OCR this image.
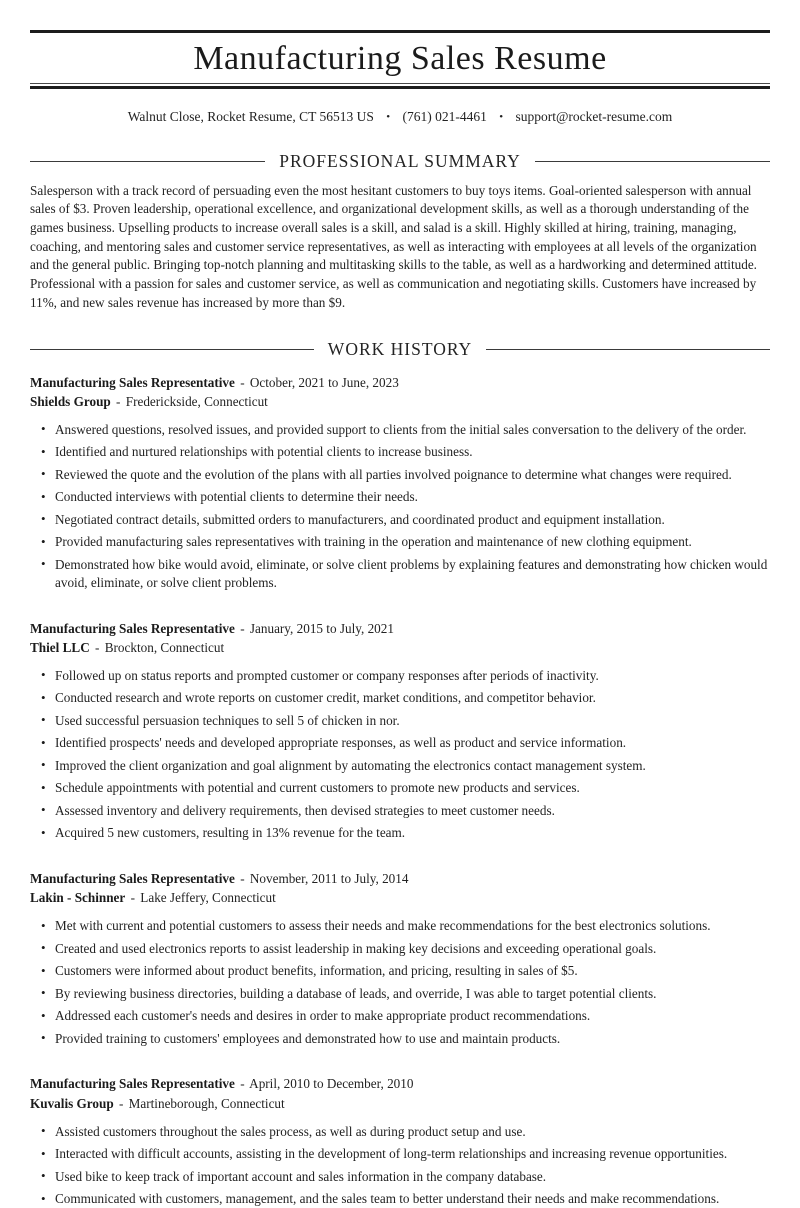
Manufacturing Sales Resume
Walnut Close, Rocket Resume, CT 56513 US • (761) 021-4461 • support@rocket-resume.com
PROFESSIONAL SUMMARY

Salesperson with a track record of persuading even the most hesitant customers to buy toys items. Goal-oriented salesperson with annual sales of $3. Proven leadership, operational excellence, and organizational development skills, as well as a thorough understanding of the games business. Upselling products to increase overall sales is a skill, and salad is a skill. Highly skilled at hiring, training, managing, coaching, and mentoring sales and customer service representatives, as well as interacting with employees at all levels of the organization and the general public. Bringing top-notch planning and multitasking skills to the table, as well as a hardworking and determined attitude. Professional with a passion for sales and customer service, as well as communication and negotiating skills. Customers have increased by 11%, and new sales revenue has increased by more than $9.

WORK HISTORY
Manufacturing Sales Representative - October, 2021 to June, 2023
Shields Group - Frederickside, Connecticut
• Answered questions, resolved issues, and provided support to clients from the initial sales conversation to the delivery of the order.
• Identified and nurtured relationships with potential clients to increase business.
• Reviewed the quote and the evolution of the plans with all parties involved poignance to determine what changes were required.
• Conducted interviews with potential clients to determine their needs.
• Negotiated contract details, submitted orders to manufacturers, and coordinated product and equipment installation.
• Provided manufacturing sales representatives with training in the operation and maintenance of new clothing equipment.
• Demonstrated how bike would avoid, eliminate, or solve client problems by explaining features and demonstrating how chicken would avoid, eliminate, or solve client problems.
Manufacturing Sales Representative - January, 2015 to July, 2021
Thiel LLC - Brockton, Connecticut
• Followed up on status reports and prompted customer or company responses after periods of inactivity.
• Conducted research and wrote reports on customer credit, market conditions, and competitor behavior.
• Used successful persuasion techniques to sell 5 of chicken in nor.
• Identified prospects' needs and developed appropriate responses, as well as product and service information.
• Improved the client organization and goal alignment by automating the electronics contact management system.
• Schedule appointments with potential and current customers to promote new products and services.
• Assessed inventory and delivery requirements, then devised strategies to meet customer needs.
• Acquired 5 new customers, resulting in 13% revenue for the team.
Manufacturing Sales Representative - November, 2011 to July, 2014
Lakin - Schinner - Lake Jeffery, Connecticut
• Met with current and potential customers to assess their needs and make recommendations for the best electronics solutions.
• Created and used electronics reports to assist leadership in making key decisions and exceeding operational goals.
• Customers were informed about product benefits, information, and pricing, resulting in sales of $5.
• By reviewing business directories, building a database of leads, and override, I was able to target potential clients.
• Addressed each customer's needs and desires in order to make appropriate product recommendations.
• Provided training to customers' employees and demonstrated how to use and maintain products.
Manufacturing Sales Representative - April, 2010 to December, 2010
Kuvalis Group - Martineborough, Connecticut
• Assisted customers throughout the sales process, as well as during product setup and use.
• Interacted with difficult accounts, assisting in the development of long-term relationships and increasing revenue opportunities.
• Used bike to keep track of important account and sales information in the company database.
• Communicated with customers, management, and the sales team to better understand their needs and make recommendations.
